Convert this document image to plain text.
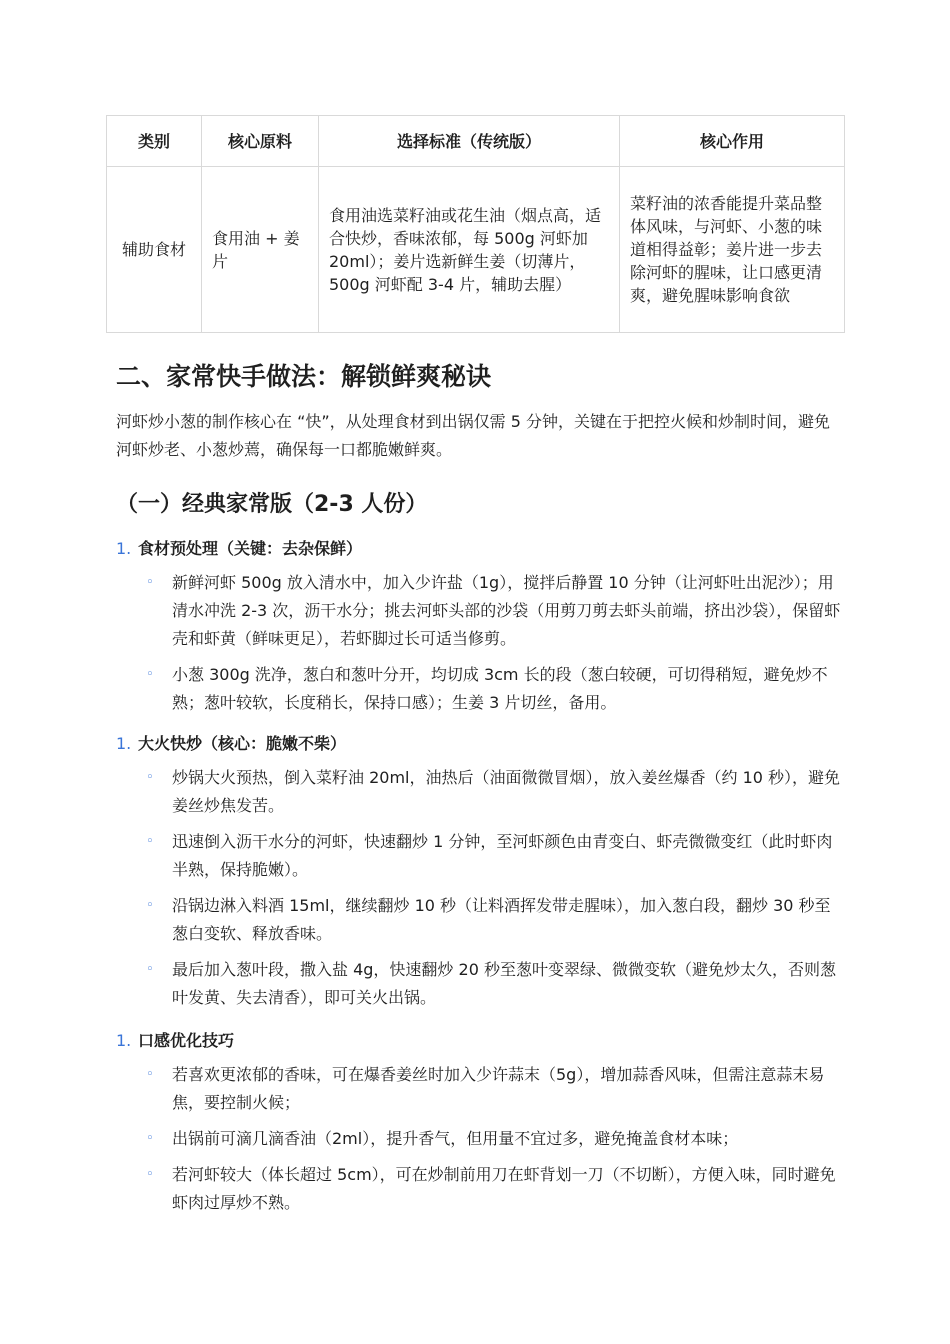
类别	核心原料	选择标准（传统版）	核心作用
辅助食材	食用油 + 姜片	食用油选菜籽油或花生油（烟点高，适合快炒，香味浓郁，每 500g 河虾加 20ml）；姜片选新鲜生姜（切薄片，500g 河虾配 3-4 片，辅助去腥）	菜籽油的浓香能提升菜品整体风味，与河虾、小葱的味道相得益彰；姜片进一步去除河虾的腥味，让口感更清爽，避免腥味影响食欲
二、家常快手做法：解锁鲜爽秘诀

河虾炒小葱的制作核心在 “快”，从处理食材到出锅仅需 5 分钟，关键在于把控火候和炒制时间，避免河虾炒老、小葱炒蔫，确保每一口都脆嫩鲜爽。

（一）经典家常版（2-3 人份）

1. 食材预处理（关键：去杂保鲜）

◦ 新鲜河虾 500g 放入清水中，加入少许盐（1g），搅拌后静置 10 分钟（让河虾吐出泥沙）；用清水冲洗 2-3 次，沥干水分；挑去河虾头部的沙袋（用剪刀剪去虾头前端，挤出沙袋），保留虾壳和虾黄（鲜味更足），若虾脚过长可适当修剪。
◦ 小葱 300g 洗净，葱白和葱叶分开，均切成 3cm 长的段（葱白较硬，可切得稍短，避免炒不熟；葱叶较软，长度稍长，保持口感）；生姜 3 片切丝，备用。

1. 大火快炒（核心：脆嫩不柴）

◦ 炒锅大火预热，倒入菜籽油 20ml，油热后（油面微微冒烟），放入姜丝爆香（约 10 秒），避免姜丝炒焦发苦。
◦ 迅速倒入沥干水分的河虾，快速翻炒 1 分钟，至河虾颜色由青变白、虾壳微微变红（此时虾肉半熟，保持脆嫩）。
◦ 沿锅边淋入料酒 15ml，继续翻炒 10 秒（让料酒挥发带走腥味），加入葱白段，翻炒 30 秒至葱白变软、释放香味。
◦ 最后加入葱叶段，撒入盐 4g，快速翻炒 20 秒至葱叶变翠绿、微微变软（避免炒太久，否则葱叶发黄、失去清香），即可关火出锅。

1. 口感优化技巧

◦ 若喜欢更浓郁的香味，可在爆香姜丝时加入少许蒜末（5g），增加蒜香风味，但需注意蒜末易焦，要控制火候；
◦ 出锅前可滴几滴香油（2ml），提升香气，但用量不宜过多，避免掩盖食材本味；
◦ 若河虾较大（体长超过 5cm），可在炒制前用刀在虾背划一刀（不切断），方便入味，同时避免虾肉过厚炒不熟。
